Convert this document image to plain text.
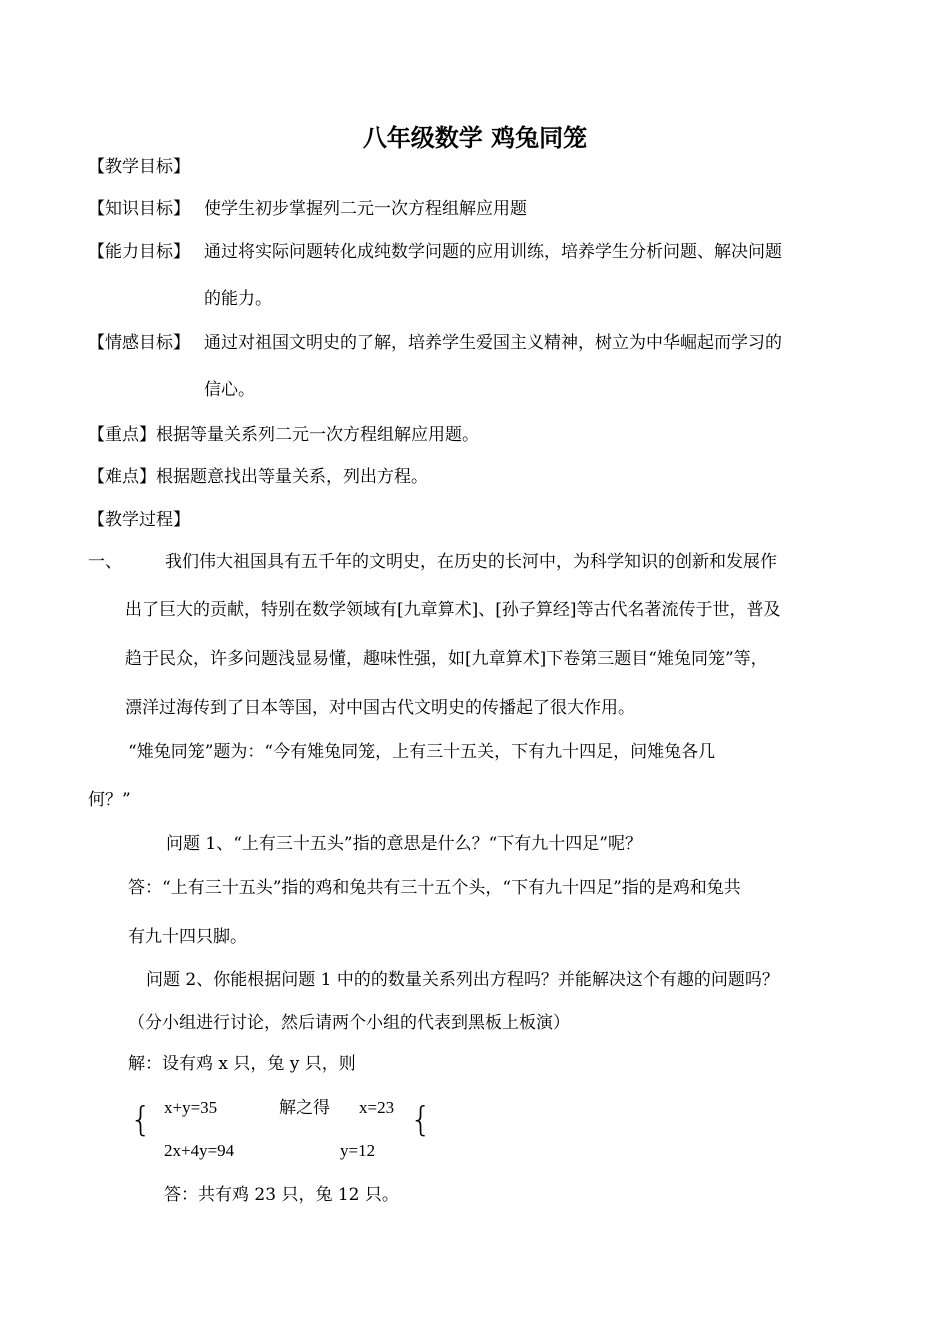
八年级数学 鸡兔同笼
【教学目标】
【知识目标】 使学生初步掌握列二元一次方程组解应用题
【能力目标】 通过将实际问题转化成纯数学问题的应用训练，培养学生分析问题、解决问题
的能力。
【情感目标】 通过对祖国文明史的了解，培养学生爱国主义精神，树立为中华崛起而学习的
信心。
【重点】根据等量关系列二元一次方程组解应用题。
【难点】根据题意找出等量关系，列出方程。
【教学过程】
一、	我们伟大祖国具有五千年的文明史，在历史的长河中，为科学知识的创新和发展作
出了巨大的贡献，特别在数学领域有[九章算术]、[孙子算经]等古代名著流传于世，普及
趋于民众，许多问题浅显易懂，趣味性强，如[九章算术]下卷第三题目“雉兔同笼”等，
漂洋过海传到了日本等国，对中国古代文明史的传播起了很大作用。
“雉兔同笼”题为：“今有雉兔同笼，上有三十五关，下有九十四足，问雉兔各几
何？”
问题 1、“上有三十五头”指的意思是什么？“下有九十四足”呢？
答：“上有三十五头”指的鸡和兔共有三十五个头，“下有九十四足”指的是鸡和兔共
有九十四只脚。
问题 2、你能根据问题 1 中的的数量关系列出方程吗？并能解决这个有趣的问题吗？
（分小组进行讨论，然后请两个小组的代表到黑板上板演）
解：设有鸡 x 只，兔 y 只，则
{ x+y=35	解之得 x=23 {
2x+4y=94	y=12
答：共有鸡 23 只，兔 12 只。
